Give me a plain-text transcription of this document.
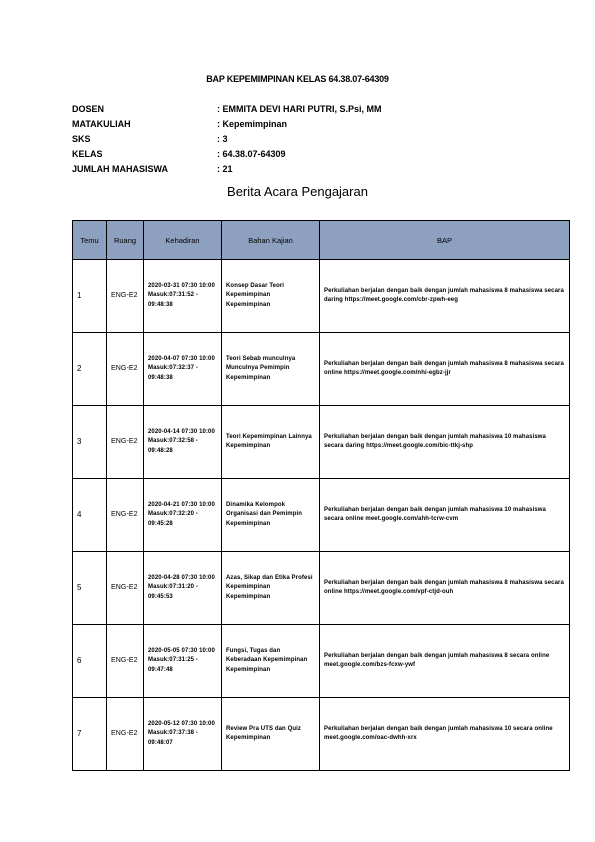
BAP KEPEMIMPINAN KELAS 64.38.07-64309
DOSEN	: EMMITA DEVI HARI PUTRI, S.Psi, MM
MATAKULIAH	: Kepemimpinan
SKS	: 3
KELAS	: 64.38.07-64309
JUMLAH MAHASISWA	: 21
Berita Acara Pengajaran
Temu	Ruang	Kehadiran	Bahan Kajian	BAP
1	ENG-E2	2020-03-31 07:30 10:00 Masuk:07:31:52 - 09:48:38	Konsep Dasar Teori Kepemimpinan Kepemimpinan	Perkuliahan berjalan dengan baik dengan jumlah mahasiswa 8 mahasiswa secara daring https://meet.google.com/cbr-zpwh-eeg
2	ENG-E2	2020-04-07 07:30 10:00 Masuk:07:32:37 - 09:48:38	Teori Sebab munculnya Munculnya Pemimpin Kepemimpinan	Perkuliahan berjalan dengan baik dengan jumlah mahasiswa 8 mahasiswa secara online https://meet.google.com/nhi-egbz-jjr
3	ENG-E2	2020-04-14 07:30 10:00 Masuk:07:32:58 - 09:48:28	Teori Kepemimpinan Lainnya Kepemimpinan	Perkuliahan berjalan dengan baik dengan jumlah mahasiswa 10 mahasiswa secara daring https://meet.google.com/bic-ttkj-shp
4	ENG-E2	2020-04-21 07:30 10:00 Masuk:07:32:20 - 09:45:28	Dinamika Kelompok Organisasi dan Pemimpin Kepemimpinan	Perkuliahan berjalan dengan baik dengan jumlah mahasiswa 10 mahasiswa secara online meet.google.com/ahh-tcrw-cvm
5	ENG-E2	2020-04-28 07:30 10:00 Masuk:07:31:20 - 09:45:53	Azas, Sikap dan Etika Profesi Kepemimpinan Kepemimpinan	Perkuliahan berjalan dengan baik dengan jumlah mahasiswa 8 mahasiswa secara online https://meet.google.com/vpf-ctjd-ouh
6	ENG-E2	2020-05-05 07:30 10:00 Masuk:07:31:25 - 09:47:48	Fungsi, Tugas dan Keberadaan Kepemimpinan Kepemimpinan	Perkuliahan berjalan dengan baik dengan jumlah mahasiswa 8 secara online meet.google.com/bzs-fcxw-ywf
7	ENG-E2	2020-05-12 07:30 10:00 Masuk:07:37:38 - 09:48:07	Review Pra UTS dan Quiz Kepemimpinan	Perkuliahan berjalan dengan baik dengan jumlah mahasiswa 10 secara online meet.google.com/oac-dwhh-xrx
